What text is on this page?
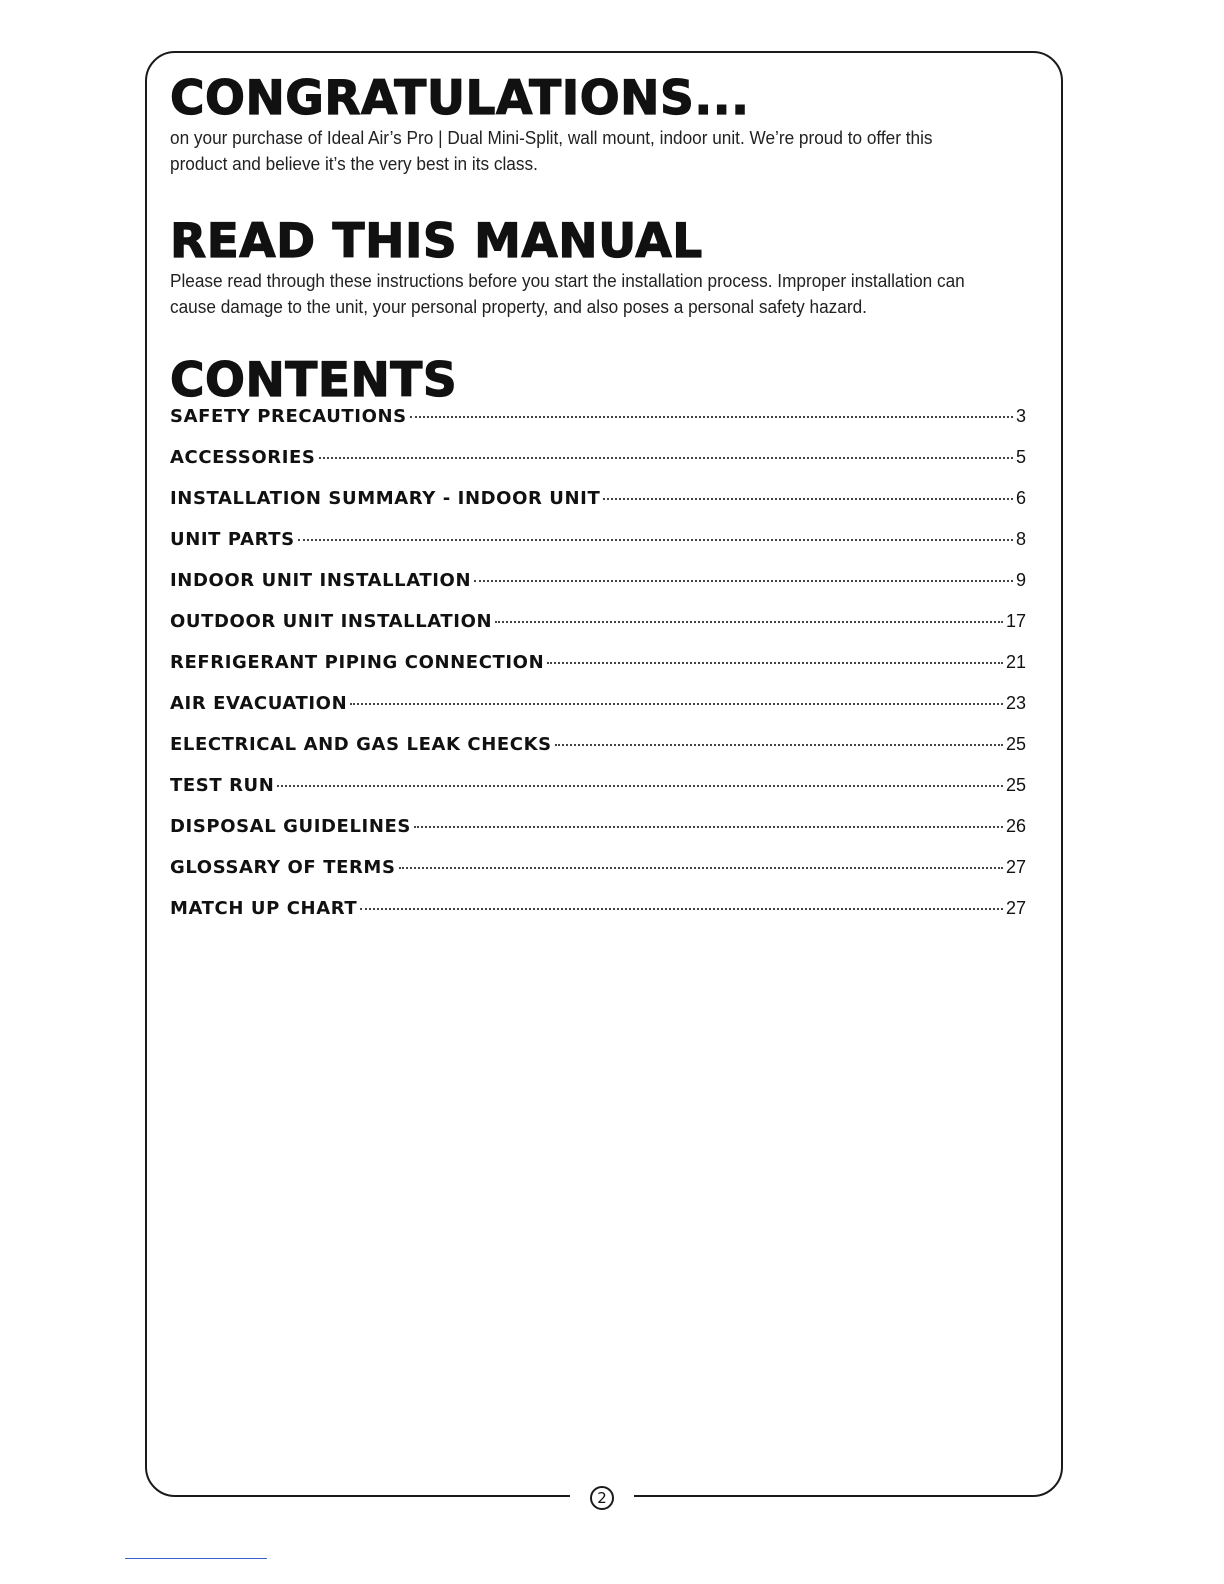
CONGRATULATIONS...

on your purchase of Ideal Air’s Pro | Dual Mini-Split, wall mount, indoor unit. We’re proud to offer this
product and believe it’s the very best in its class.

READ THIS MANUAL

Please read through these instructions before you start the installation process. Improper installation can
cause damage to the unit, your personal property, and also poses a personal safety hazard.

CONTENTS
SAFETY PRECAUTIONS	3
ACCESSORIES	5
INSTALLATION SUMMARY - INDOOR UNIT	6
UNIT PARTS	8
INDOOR UNIT INSTALLATION	9
OUTDOOR UNIT INSTALLATION	17
REFRIGERANT PIPING CONNECTION	21
AIR EVACUATION	23
ELECTRICAL AND GAS LEAK CHECKS	25
TEST RUN	25
DISPOSAL GUIDELINES	26
GLOSSARY OF TERMS	27
MATCH UP CHART	27
2
